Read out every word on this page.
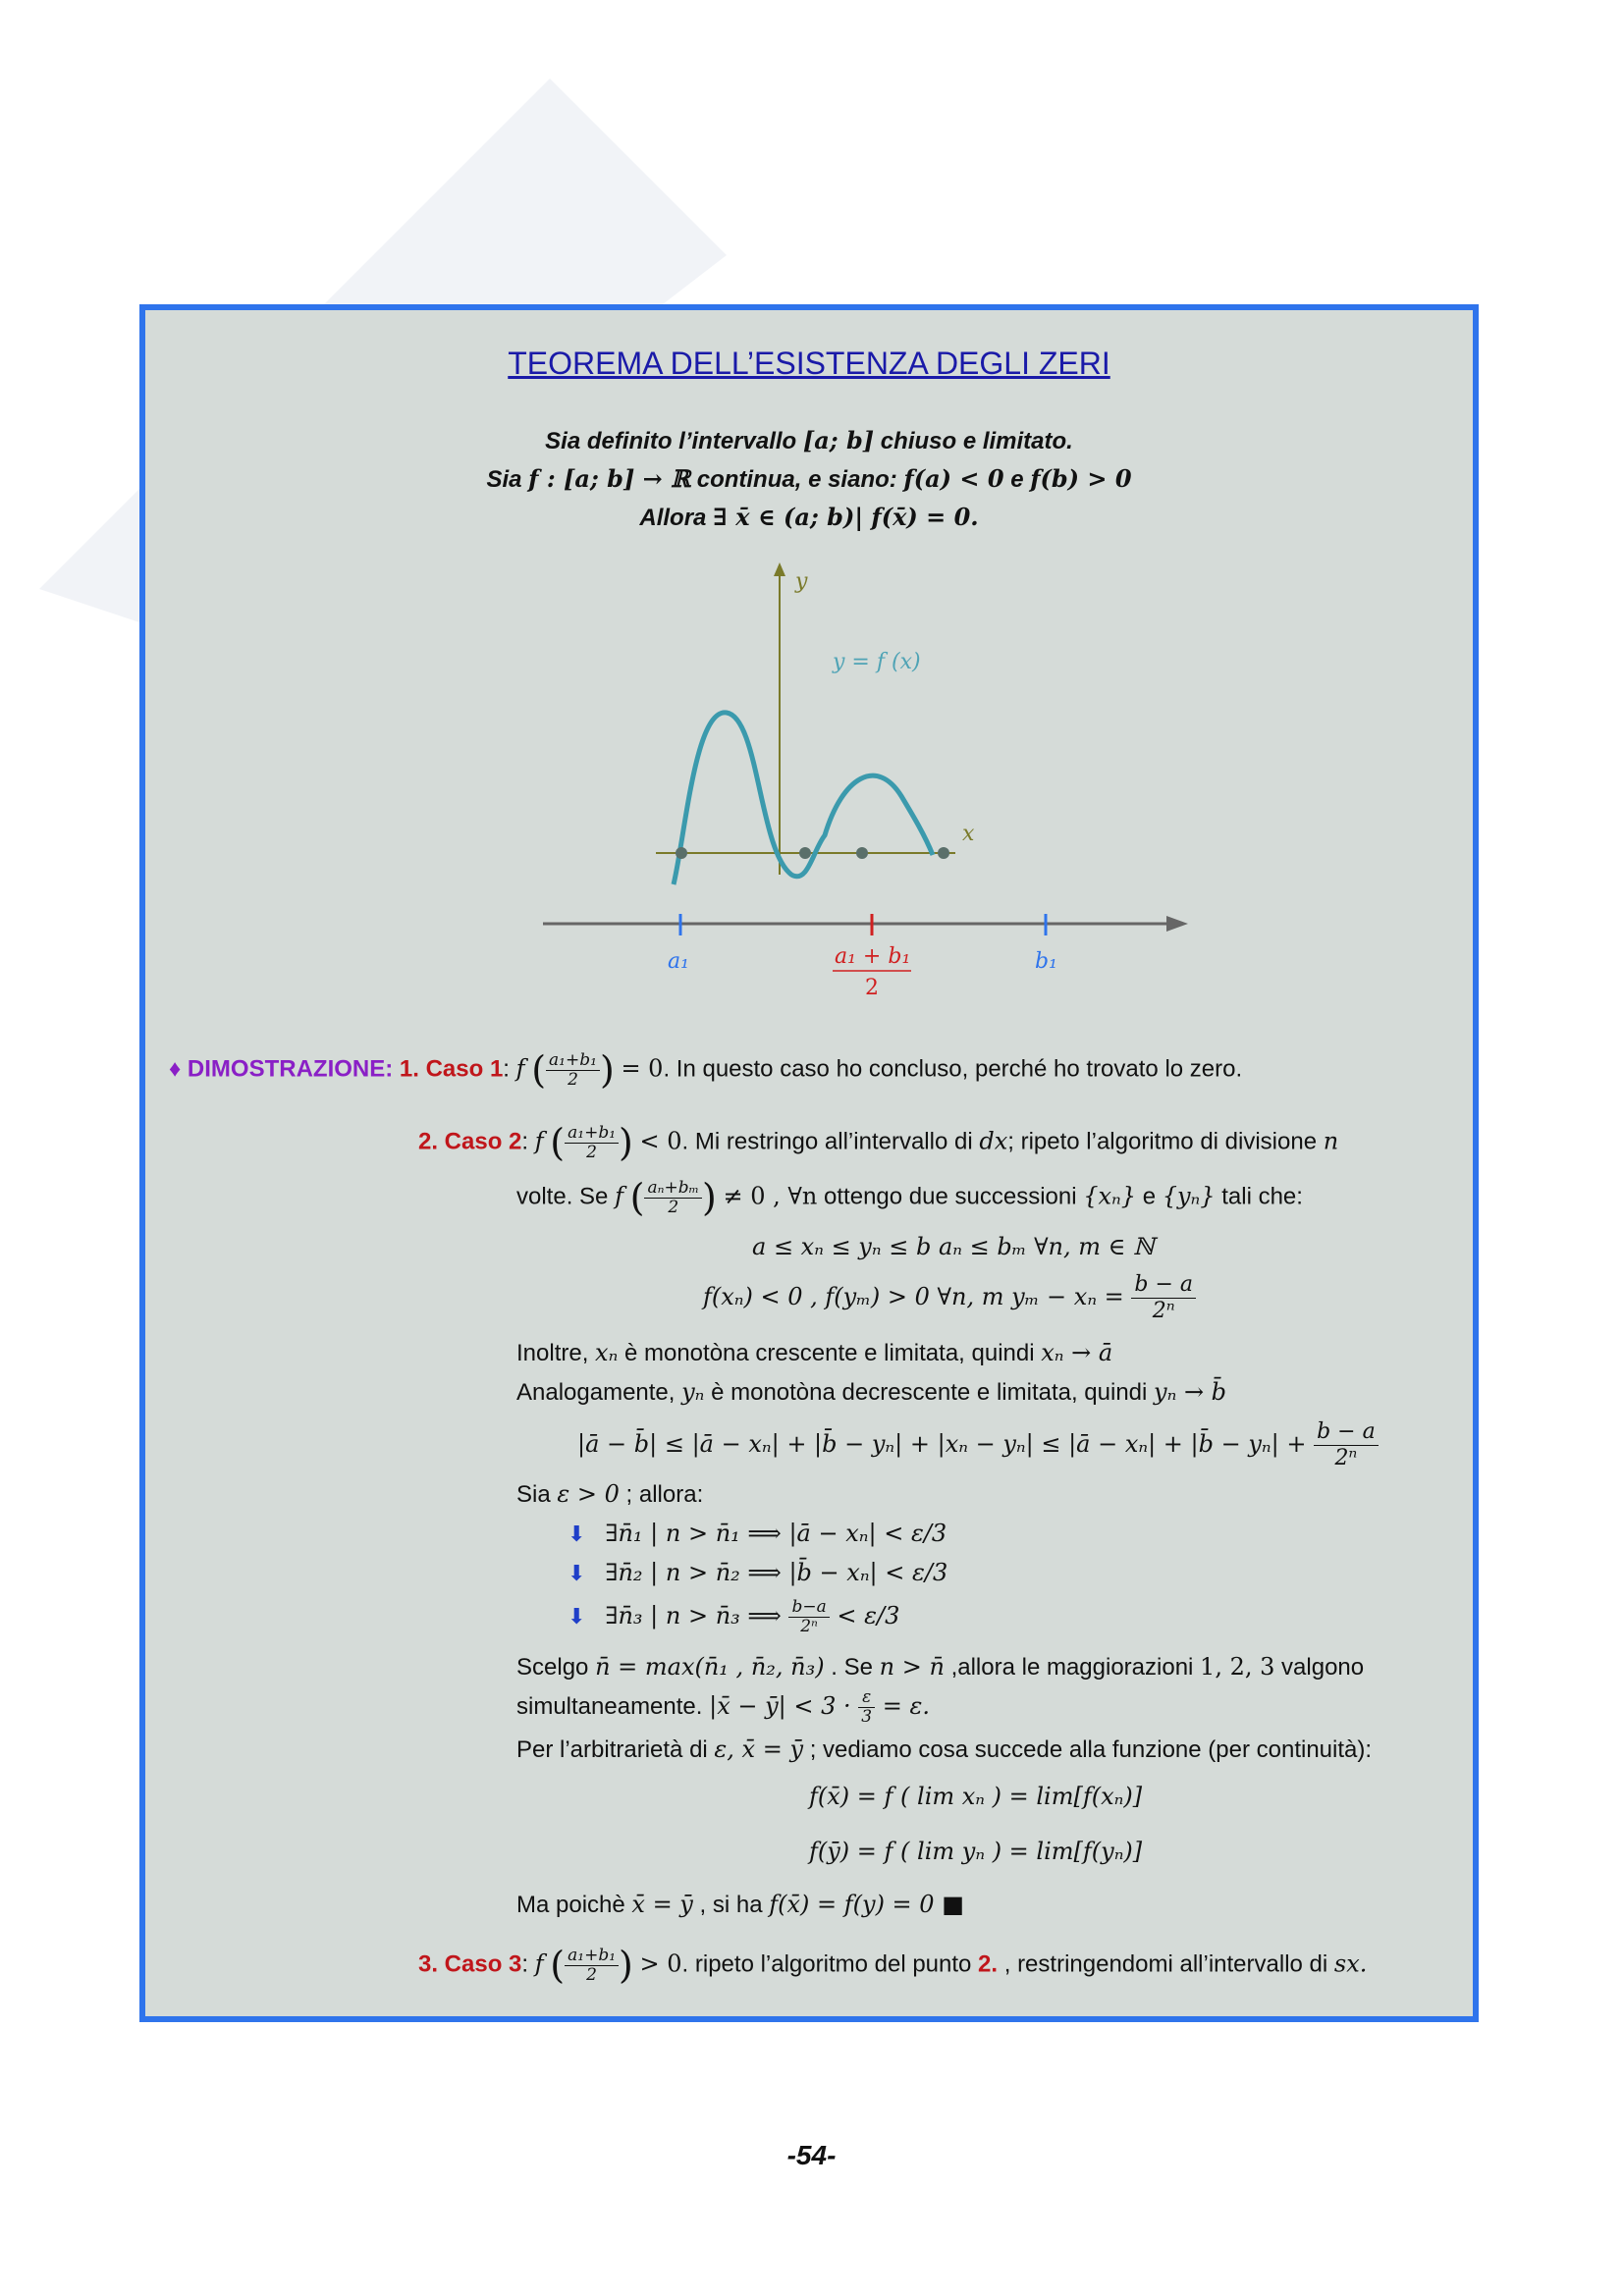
TEOREMA DELL’ESISTENZA DEGLI ZERI
Sia definito l’intervallo [a; b] chiuso e limitato.
Sia f : [a; b] → ℝ continua, e siano: f(a) < 0 e f(b) > 0
Allora ∃ x̄ ∈ (a; b)| f(x̄) = 0.
y
x
y = f (x)
a₁	a₁ + b₁
2
b₁
♦ DIMOSTRAZIONE: 1. Caso 1: f ( $\frac{\text{a₁+b₁}}{2}$ ) = 0. In questo caso ho concluso, perché ho trovato lo zero.
2. Caso 2: f ( $\frac{\text{a₁+b₁}}{2}$ ) < 0. Mi restringo all’intervallo di dx; ripeto l’algoritmo di divisione n
volte. Se f ( $\frac{\text{aₙ+bₘ}}{2}$ ) ≠ 0 , ∀n ottengo due successioni {xₙ} e {yₙ} tali che:
a ≤ xₙ ≤ yₙ ≤ b aₙ ≤ bₘ ∀n, m ∈ ℕ
f(xₙ) < 0 , f(yₘ) > 0 ∀n, m $y_m - x_n = \frac{b - a}{\text{2ⁿ}}$
Inoltre, xₙ è monotòna crescente e limitata, quindi xₙ → ā
Analogamente, yₙ è monotòna decrescente e limitata, quindi yₙ → b̄
|ā − b̄| ≤ |ā − xₙ| + |b̄ − yₙ| + |xₙ − yₙ| ≤ |ā − xₙ| + |b̄ − $y_n| + \frac{b - a}{\text{2ⁿ}}$
Sia ε > 0 ; allora:
⬇ ∃n̄₁ | n > n̄₁ ⟹ |ā − xₙ| < ε/3
⬇ ∃n̄₂ | n > n̄₂ ⟹ |b̄ − xₙ| < ε/3
⬇ ∃n̄₃ | n > n̄₃ ⟹ $\frac{b-a}{\text{2ⁿ}} < \varepsilon/3$
Scelgo n̄ = max(n̄₁ , n̄₂, n̄₃) . Se n > n̄ ,allora le maggiorazioni 1, 2, 3 valgono
simultaneamente. |x̄ − ȳ| < $3 \cdot \frac{\varepsilon}{3} = \varepsilon$.
Per l’arbitrarietà di ε, x̄ = ȳ ; vediamo cosa succede alla funzione (per continuità):
f(x̄) = f ( lim xₙ ) = lim[f(xₙ)]
f(ȳ) = f ( lim yₙ ) = lim[f(yₙ)]
Ma poichè x̄ = ȳ , si ha f(x̄) = f(y) = 0 ■
3. Caso 3: f ( $\frac{\text{a₁+b₁}}{2}$ ) > 0. ripeto l’algoritmo del punto 2. , restringendomi all’intervallo di sx.
-54-
